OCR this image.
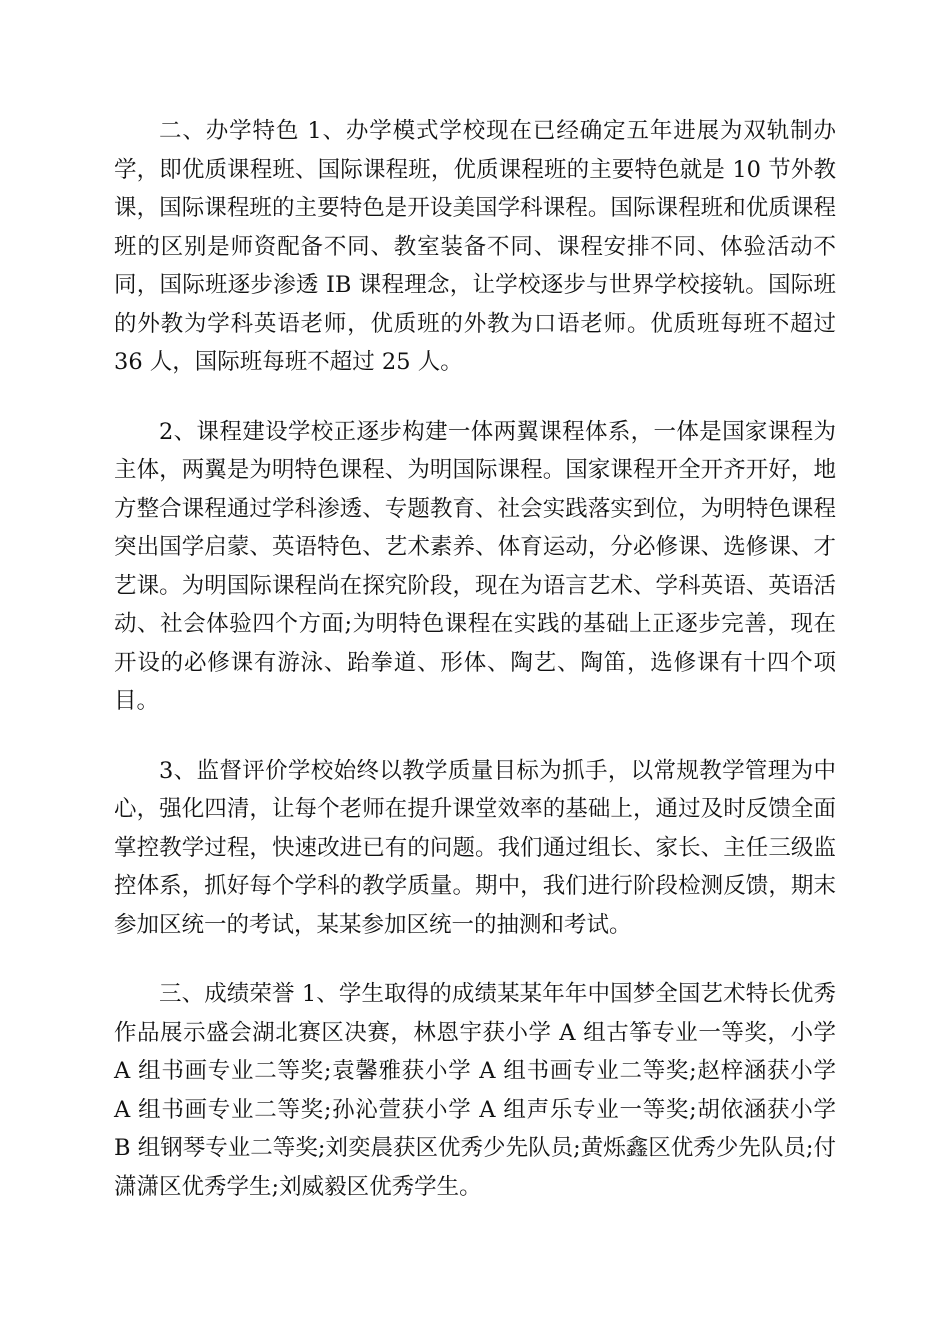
二、办学特色 1、办学模式学校现在已经确定五年进展为双轨制办学，即优质课程班、国际课程班，优质课程班的主要特色就是 10 节外教课，国际课程班的主要特色是开设美国学科课程。国际课程班和优质课程班的区别是师资配备不同、教室装备不同、课程安排不同、体验活动不同，国际班逐步渗透 IB 课程理念，让学校逐步与世界学校接轨。国际班的外教为学科英语老师，优质班的外教为口语老师。优质班每班不超过 36 人，国际班每班不超过 25 人。

2、课程建设学校正逐步构建一体两翼课程体系，一体是国家课程为主体，两翼是为明特色课程、为明国际课程。国家课程开全开齐开好，地方整合课程通过学科渗透、专题教育、社会实践落实到位，为明特色课程突出国学启蒙、英语特色、艺术素养、体育运动，分必修课、选修课、才艺课。为明国际课程尚在探究阶段，现在为语言艺术、学科英语、英语活动、社会体验四个方面;为明特色课程在实践的基础上正逐步完善，现在开设的必修课有游泳、跆拳道、形体、陶艺、陶笛，选修课有十四个项目。

3、监督评价学校始终以教学质量目标为抓手，以常规教学管理为中心，强化四清，让每个老师在提升课堂效率的基础上，通过及时反馈全面掌控教学过程，快速改进已有的问题。我们通过组长、家长、主任三级监控体系，抓好每个学科的教学质量。期中，我们进行阶段检测反馈，期末参加区统一的考试，某某参加区统一的抽测和考试。

三、成绩荣誉 1、学生取得的成绩某某年年中国梦全国艺术特长优秀作品展示盛会湖北赛区决赛，林恩宇获小学 A 组古筝专业一等奖，小学 A 组书画专业二等奖;袁馨雅获小学 A 组书画专业二等奖;赵梓涵获小学 A 组书画专业二等奖;孙沁萱获小学 A 组声乐专业一等奖;胡依涵获小学 B 组钢琴专业二等奖;刘奕晨获区优秀少先队员;黄烁鑫区优秀少先队员;付潇潇区优秀学生;刘威毅区优秀学生。
